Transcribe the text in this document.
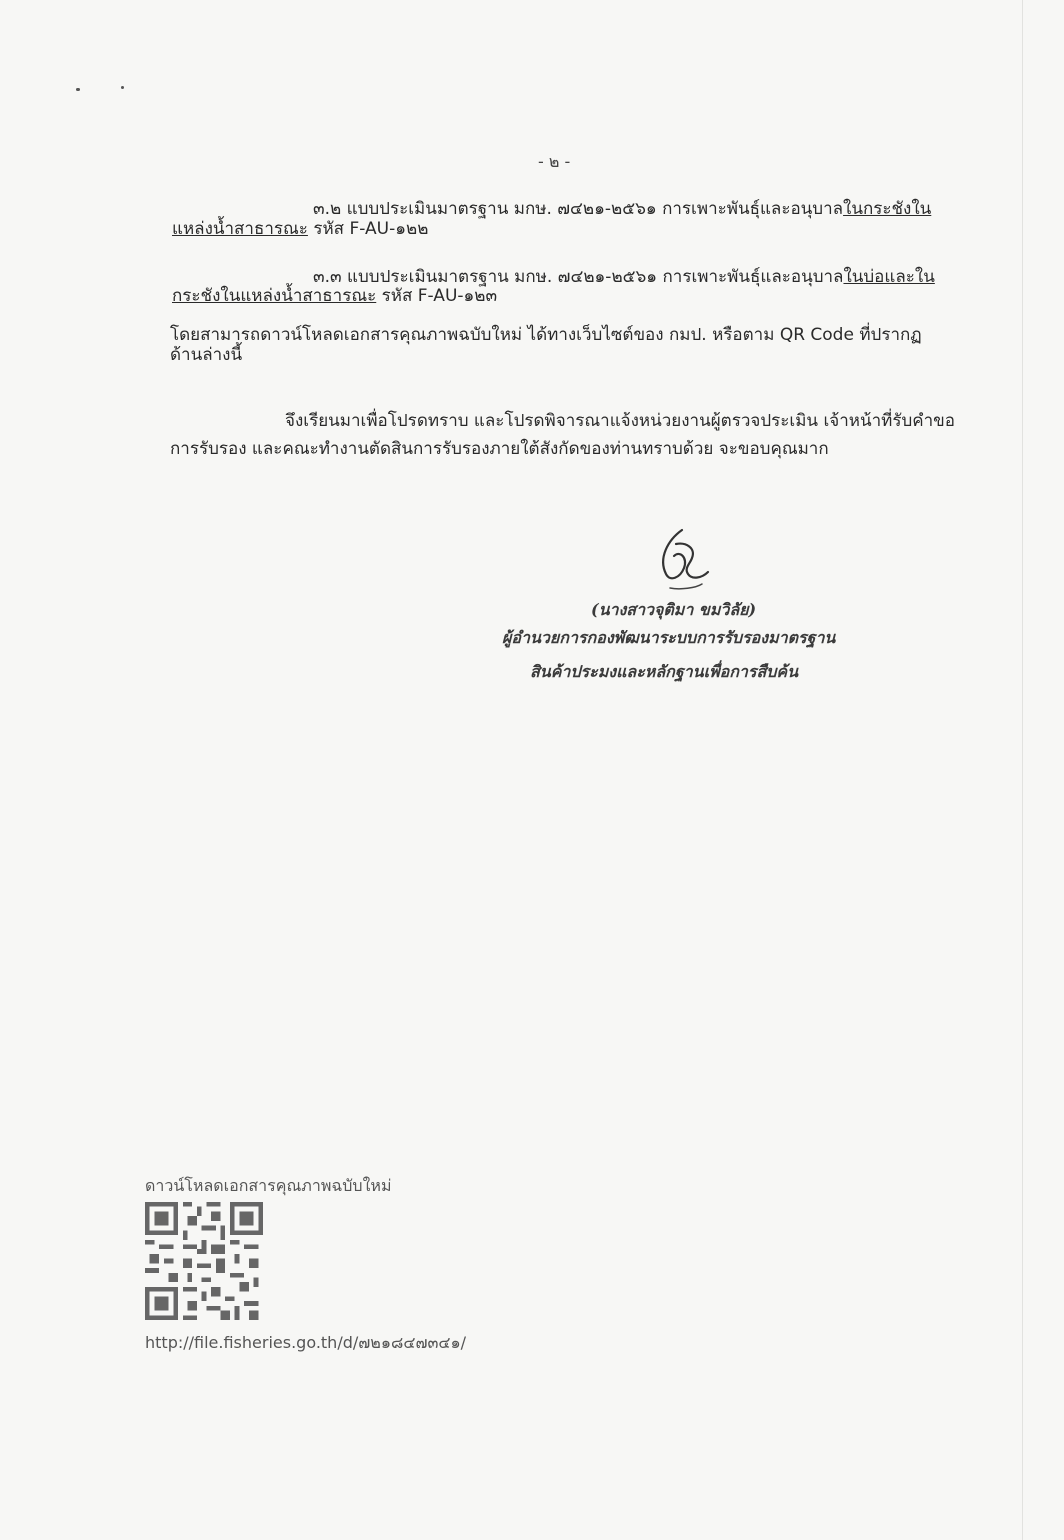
- ๒ -
๓.๒ แบบประเมินมาตรฐาน มกษ. ๗๔๒๑-๒๕๖๑ การเพาะพันธุ์และอนุบาลในกระชังใน
แหล่งน้ำสาธารณะ รหัส F-AU-๑๒๒
๓.๓ แบบประเมินมาตรฐาน มกษ. ๗๔๒๑-๒๕๖๑ การเพาะพันธุ์และอนุบาลในบ่อและใน
กระชังในแหล่งน้ำสาธารณะ รหัส F-AU-๑๒๓
โดยสามารถดาวน์โหลดเอกสารคุณภาพฉบับใหม่ ได้ทางเว็บไซต์ของ กมป. หรือตาม QR Code ที่ปรากฏ
ด้านล่างนี้
จึงเรียนมาเพื่อโปรดทราบ และโปรดพิจารณาแจ้งหน่วยงานผู้ตรวจประเมิน เจ้าหน้าที่รับคำขอ
การรับรอง และคณะทำงานตัดสินการรับรองภายใต้สังกัดของท่านทราบด้วย จะขอบคุณมาก
(นางสาวจุติมา ขมวิลัย)
ผู้อำนวยการกองพัฒนาระบบการรับรองมาตรฐาน
สินค้าประมงและหลักฐานเพื่อการสืบค้น
ดาวน์โหลดเอกสารคุณภาพฉบับใหม่
http://file.fisheries.go.th/d/๗๒๑๘๔๗๓๔๑/
